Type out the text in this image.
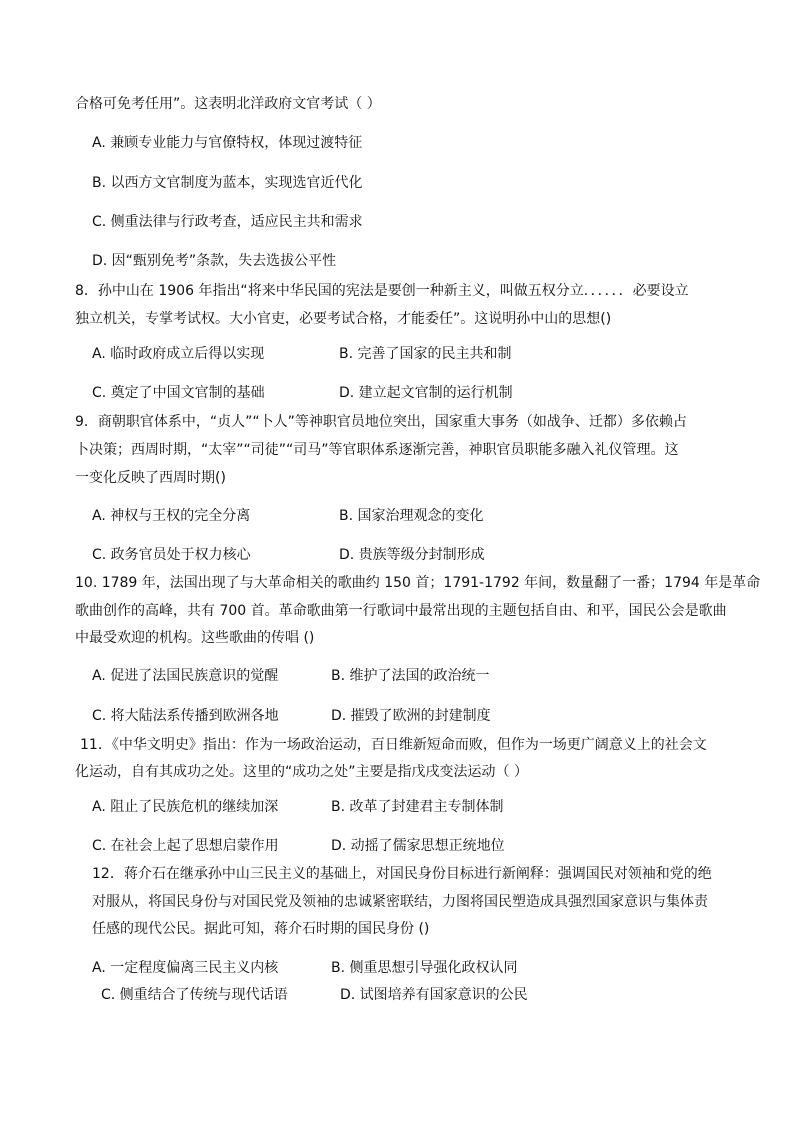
合格可免考任用”。这表明北洋政府文官考试（ ）
A. 兼顾专业能力与官僚特权，体现过渡特征
B. 以西方文官制度为蓝本，实现选官近代化
C. 侧重法律与行政考查，适应民主共和需求
D. 因“甄别免考”条款，失去选拔公平性
8．孙中山在 1906 年指出“将来中华民国的宪法是要创一种新主义，叫做五权分立．．．．．．必要设立
独立机关，专掌考试权。大小官吏，必要考试合格，才能委任”。这说明孙中山的思想()
A. 临时政府成立后得以实现	B. 完善了国家的民主共和制
C. 奠定了中国文官制的基础	D. 建立起文官制的运行机制
9．商朝职官体系中，“贞人”“卜人”等神职官员地位突出，国家重大事务（如战争、迁都）多依赖占
卜决策；西周时期，“太宰”“司徒”“司马”等官职体系逐渐完善，神职官员职能多融入礼仪管理。这
一变化反映了西周时期()
A. 神权与王权的完全分离	B. 国家治理观念的变化
C. 政务官员处于权力核心	D. 贵族等级分封制形成
10. 1789 年，法国出现了与大革命相关的歌曲约 150 首；1791-1792 年间，数量翻了一番；1794 年是革命
歌曲创作的高峰，共有 700 首。革命歌曲第一行歌词中最常出现的主题包括自由、和平，国民公会是歌曲
中最受欢迎的机构。这些歌曲的传唱 ()
A. 促进了法国民族意识的觉醒	B. 维护了法国的政治统一
C. 将大陆法系传播到欧洲各地	D. 摧毁了欧洲的封建制度
11．《中华文明史》指出：作为一场政治运动，百日维新短命而败，但作为一场更广阔意义上的社会文
化运动，自有其成功之处。这里的“成功之处”主要是指戊戌变法运动（ ）
A. 阻止了民族危机的继续加深	B. 改革了封建君主专制体制
C. 在社会上起了思想启蒙作用	D. 动摇了儒家思想正统地位
12．蒋介石在继承孙中山三民主义的基础上，对国民身份目标进行新阐释：强调国民对领袖和党的绝
对服从，将国民身份与对国民党及领袖的忠诚紧密联结，力图将国民塑造成具强烈国家意识与集体责
任感的现代公民。据此可知，蒋介石时期的国民身份 ()
A. 一定程度偏离三民主义内核	B. 侧重思想引导强化政权认同
C. 侧重结合了传统与现代话语	D. 试图培养有国家意识的公民
